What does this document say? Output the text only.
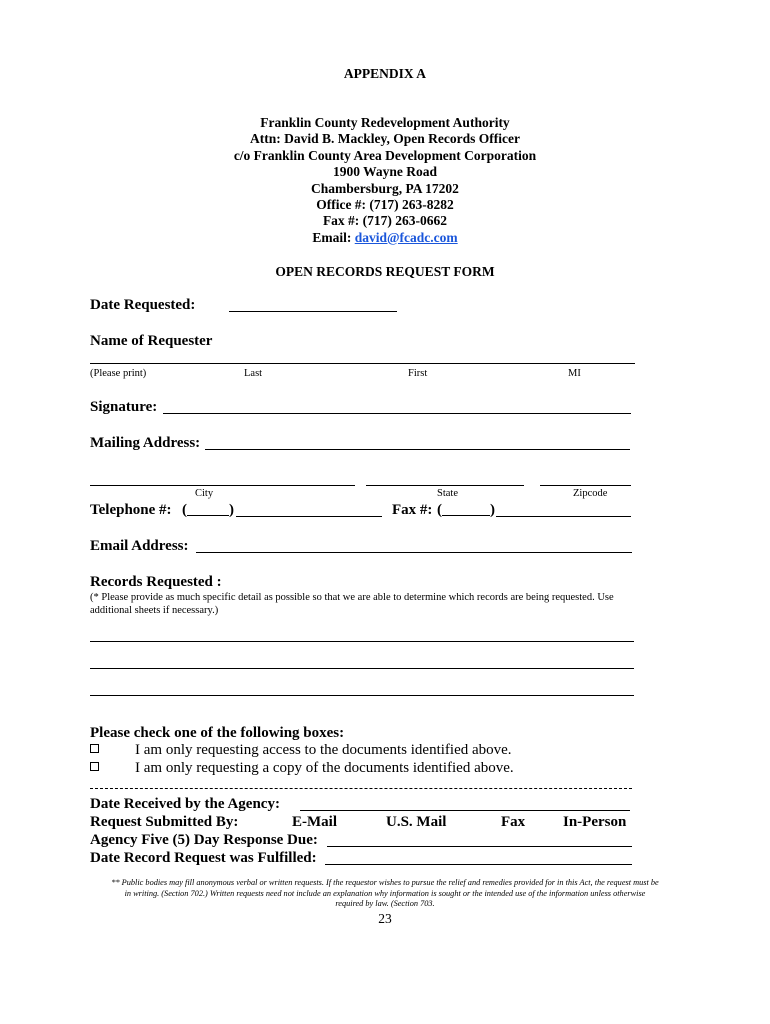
APPENDIX A
Franklin County Redevelopment Authority
Attn: David B. Mackley, Open Records Officer
c/o Franklin County Area Development Corporation
1900 Wayne Road
Chambersburg, PA 17202
Office #: (717) 263-8282
Fax #: (717) 263-0662
Email: david@fcadc.com
OPEN RECORDS REQUEST FORM
Date Requested:
Name of Requester
(Please print)	Last	First	MI
Signature:
Mailing Address:
City	State	Zipcode
Telephone #: (	)	Fax #: (	)
Email Address:
Records Requested :
(* Please provide as much specific detail as possible so that we are able to determine which records are being requested. Use
additional sheets if necessary.)
Please check one of the following boxes:
I am only requesting access to the documents identified above.
I am only requesting a copy of the documents identified above.
Date Received by the Agency:
Request Submitted By:	E-Mail	U.S. Mail	Fax	In-Person
Agency Five (5) Day Response Due:
Date Record Request was Fulfilled:
** Public bodies may fill anonymous verbal or written requests. If the requestor wishes to pursue the relief and remedies provided for in this Act, the request must be
in writing. (Section 702.) Written requests need not include an explanation why information is sought or the intended use of the information unless otherwise
required by law. (Section 703.
23
